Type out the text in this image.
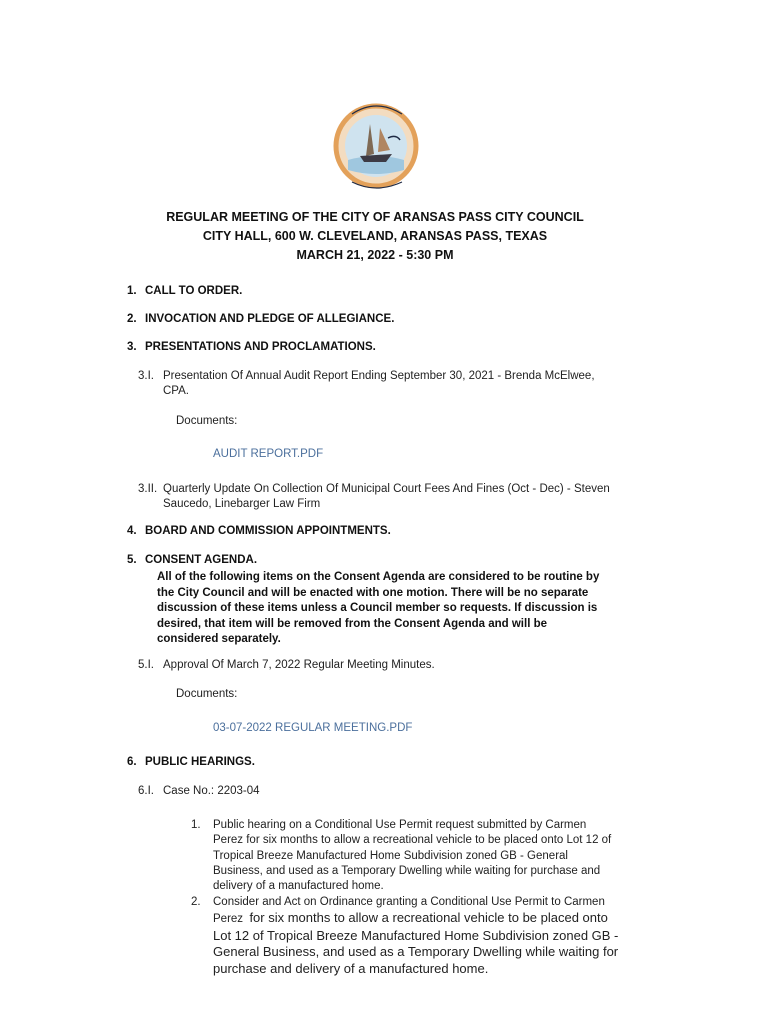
REGULAR MEETING OF THE CITY OF ARANSAS PASS CITY COUNCIL
CITY HALL, 600 W. CLEVELAND, ARANSAS PASS, TEXAS
MARCH 21, 2022 - 5:30 PM
1. CALL TO ORDER.
2. INVOCATION AND PLEDGE OF ALLEGIANCE.
3. PRESENTATIONS AND PROCLAMATIONS.
3.I. Presentation Of Annual Audit Report Ending September 30, 2021 - Brenda McElwee,
CPA.
Documents:
AUDIT REPORT.PDF
3.II. Quarterly Update On Collection Of Municipal Court Fees And Fines (Oct - Dec) - Steven
Saucedo, Linebarger Law Firm
4. BOARD AND COMMISSION APPOINTMENTS.
5. CONSENT AGENDA.
All of the following items on the Consent Agenda are considered to be routine by
the City Council and will be enacted with one motion. There will be no separate
discussion of these items unless a Council member so requests. If discussion is
desired, that item will be removed from the Consent Agenda and will be
considered separately.
5.I. Approval Of March 7, 2022 Regular Meeting Minutes.
Documents:
03-07-2022 REGULAR MEETING.PDF
6. PUBLIC HEARINGS.
6.I. Case No.: 2203-04
1. Public hearing on a Conditional Use Permit request submitted by Carmen
Perez for six months to allow a recreational vehicle to be placed onto Lot 12 of
Tropical Breeze Manufactured Home Subdivision zoned GB - General
Business, and used as a Temporary Dwelling while waiting for purchase and
delivery of a manufactured home.
2. Consider and Act on Ordinance granting a Conditional Use Permit to Carmen
Perez for six months to allow a recreational vehicle to be placed onto
Lot 12 of Tropical Breeze Manufactured Home Subdivision zoned GB -
General Business, and used as a Temporary Dwelling while waiting for
purchase and delivery of a manufactured home.
